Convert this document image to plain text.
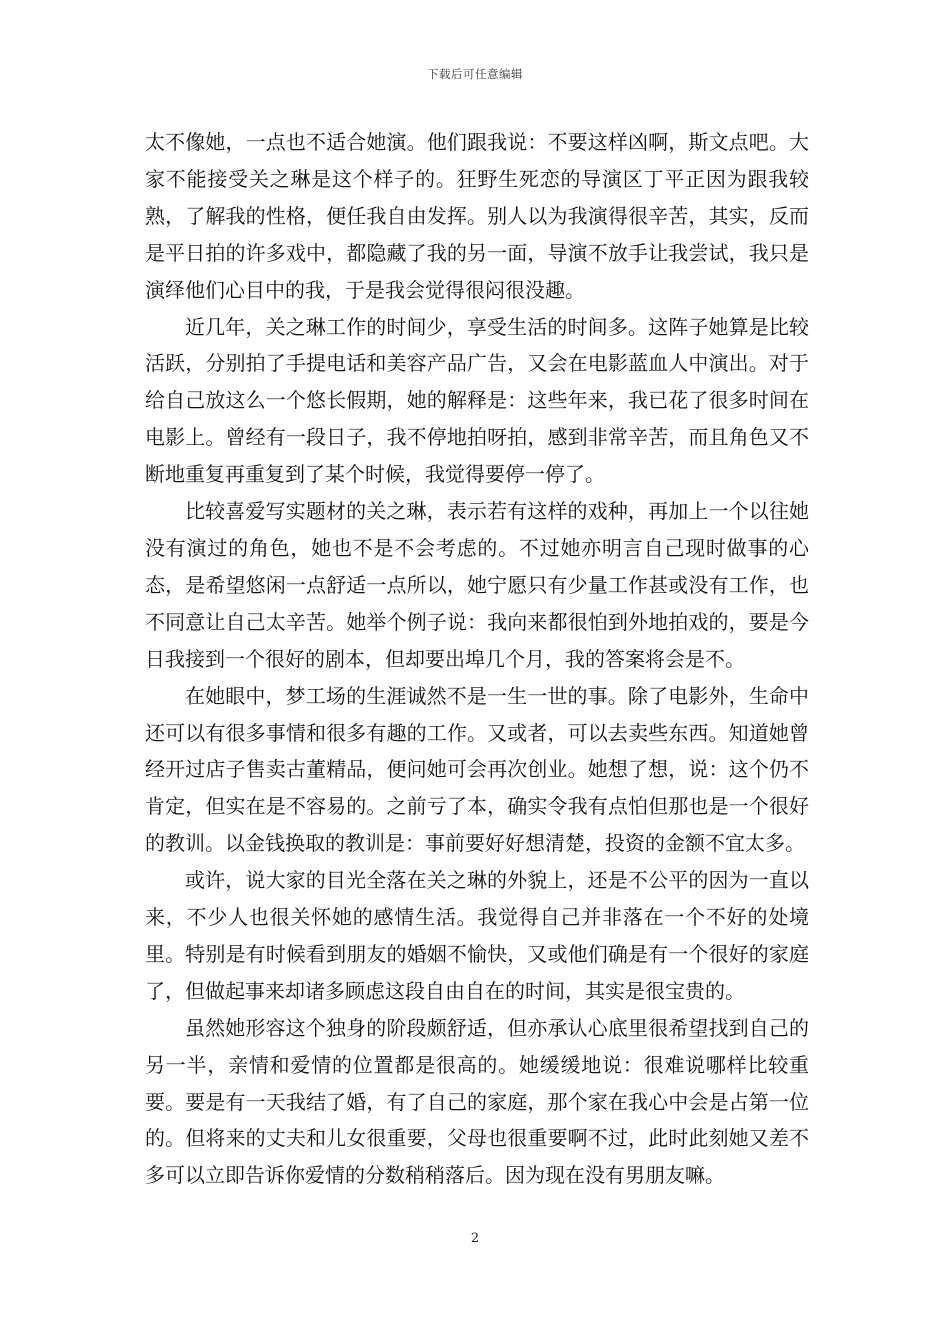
下载后可任意编辑

太不像她，一点也不适合她演。他们跟我说：不要这样凶啊，斯文点吧。大家不能接受关之琳是这个样子的。狂野生死恋的导演区丁平正因为跟我较熟，了解我的性格，便任我自由发挥。别人以为我演得很辛苦，其实，反而是平日拍的许多戏中，都隐藏了我的另一面，导演不放手让我尝试，我只是演绎他们心目中的我，于是我会觉得很闷很没趣。

近几年，关之琳工作的时间少，享受生活的时间多。这阵子她算是比较活跃，分别拍了手提电话和美容产品广告，又会在电影蓝血人中演出。对于给自己放这么一个悠长假期，她的解释是：这些年来，我已花了很多时间在电影上。曾经有一段日子，我不停地拍呀拍，感到非常辛苦，而且角色又不断地重复再重复到了某个时候，我觉得要停一停了。

比较喜爱写实题材的关之琳，表示若有这样的戏种，再加上一个以往她没有演过的角色，她也不是不会考虑的。不过她亦明言自己现时做事的心态，是希望悠闲一点舒适一点所以，她宁愿只有少量工作甚或没有工作，也不同意让自己太辛苦。她举个例子说：我向来都很怕到外地拍戏的，要是今日我接到一个很好的剧本，但却要出埠几个月，我的答案将会是不。

在她眼中，梦工场的生涯诚然不是一生一世的事。除了电影外，生命中还可以有很多事情和很多有趣的工作。又或者，可以去卖些东西。知道她曾经开过店子售卖古董精品，便问她可会再次创业。她想了想，说：这个仍不肯定，但实在是不容易的。之前亏了本，确实令我有点怕但那也是一个很好的教训。以金钱换取的教训是：事前要好好想清楚，投资的金额不宜太多。

或许，说大家的目光全落在关之琳的外貌上，还是不公平的因为一直以来，不少人也很关怀她的感情生活。我觉得自己并非落在一个不好的处境里。特别是有时候看到朋友的婚姻不愉快，又或他们确是有一个很好的家庭了，但做起事来却诸多顾虑这段自由自在的时间，其实是很宝贵的。

虽然她形容这个独身的阶段颇舒适，但亦承认心底里很希望找到自己的另一半，亲情和爱情的位置都是很高的。她缓缓地说：很难说哪样比较重要。要是有一天我结了婚，有了自己的家庭，那个家在我心中会是占第一位的。但将来的丈夫和儿女很重要，父母也很重要啊不过，此时此刻她又差不多可以立即告诉你爱情的分数稍稍落后。因为现在没有男朋友嘛。

2
